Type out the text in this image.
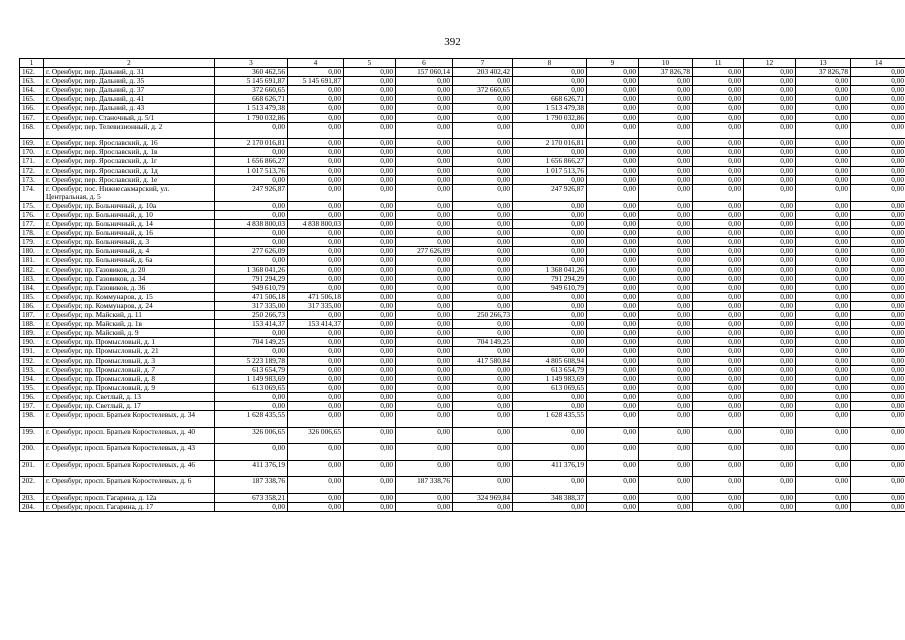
392
1	2	3	4	5	6	7	8	9	10	11	12	13	14
162.	г. Оренбург, пер. Дальний, д. 31	360 462,56	0,00	0,00	157 060,14	203 402,42	0,00	0,00	37 826,78	0,00	0,00	37 826,78	0,00
163.	г. Оренбург, пер. Дальний, д. 35	5 145 691,87	5 145 691,87	0,00	0,00	0,00	0,00	0,00	0,00	0,00	0,00	0,00	0,00
164.	г. Оренбург, пер. Дальний, д. 37	372 660,65	0,00	0,00	0,00	372 660,65	0,00	0,00	0,00	0,00	0,00	0,00	0,00
165.	г. Оренбург, пер. Дальний, д. 41	668 626,71	0,00	0,00	0,00	0,00	668 626,71	0,00	0,00	0,00	0,00	0,00	0,00
166.	г. Оренбург, пер. Дальний, д. 43	1 513 479,38	0,00	0,00	0,00	0,00	1 513 479,38	0,00	0,00	0,00	0,00	0,00	0,00
167.	г. Оренбург, пер. Станочный, д. 5/1	1 790 032,86	0,00	0,00	0,00	0,00	1 790 032,86	0,00	0,00	0,00	0,00	0,00	0,00
168.	г. Оренбург, пер. Телевизионный, д. 2	0,00	0,00	0,00	0,00	0,00	0,00	0,00	0,00	0,00	0,00	0,00	0,00
169.	г. Оренбург, пер. Ярославский, д. 16	2 170 016,81	0,00	0,00	0,00	0,00	2 170 016,81	0,00	0,00	0,00	0,00	0,00	0,00
170.	г. Оренбург, пер. Ярославский, д. 1в	0,00	0,00	0,00	0,00	0,00	0,00	0,00	0,00	0,00	0,00	0,00	0,00
171.	г. Оренбург, пер. Ярославский, д. 1г	1 656 866,27	0,00	0,00	0,00	0,00	1 656 866,27	0,00	0,00	0,00	0,00	0,00	0,00
172.	г. Оренбург, пер. Ярославский, д. 1д	1 017 513,76	0,00	0,00	0,00	0,00	1 017 513,76	0,00	0,00	0,00	0,00	0,00	0,00
173.	г. Оренбург, пер. Ярославский, д. 1е	0,00	0,00	0,00	0,00	0,00	0,00	0,00	0,00	0,00	0,00	0,00	0,00
174.	г. Оренбург, пос. Нижнесакмарский, ул. Центральная, д. 5	247 926,87	0,00	0,00	0,00	0,00	247 926,87	0,00	0,00	0,00	0,00	0,00	0,00
175.	г. Оренбург, пр. Больничный, д. 10а	0,00	0,00	0,00	0,00	0,00	0,00	0,00	0,00	0,00	0,00	0,00	0,00
176.	г. Оренбург, пр. Больничный, д. 10	0,00	0,00	0,00	0,00	0,00	0,00	0,00	0,00	0,00	0,00	0,00	0,00
177.	г. Оренбург, пр. Больничный, д. 14	4 838 800,03	4 838 800,03	0,00	0,00	0,00	0,00	0,00	0,00	0,00	0,00	0,00	0,00
178.	г. Оренбург, пр. Больничный, д. 16	0,00	0,00	0,00	0,00	0,00	0,00	0,00	0,00	0,00	0,00	0,00	0,00
179.	г. Оренбург, пр. Больничный, д. 3	0,00	0,00	0,00	0,00	0,00	0,00	0,00	0,00	0,00	0,00	0,00	0,00
180.	г. Оренбург, пр. Больничный, д. 4	277 626,09	0,00	0,00	277 626,09	0,00	0,00	0,00	0,00	0,00	0,00	0,00	0,00
181.	г. Оренбург, пр. Больничный, д. 6а	0,00	0,00	0,00	0,00	0,00	0,00	0,00	0,00	0,00	0,00	0,00	0,00
182.	г. Оренбург, пр. Газовиков, д. 20	1 368 041,26	0,00	0,00	0,00	0,00	1 368 041,26	0,00	0,00	0,00	0,00	0,00	0,00
183.	г. Оренбург, пр. Газовиков, д. 34	791 294,29	0,00	0,00	0,00	0,00	791 294,29	0,00	0,00	0,00	0,00	0,00	0,00
184.	г. Оренбург, пр. Газовиков, д. 36	949 610,79	0,00	0,00	0,00	0,00	949 610,79	0,00	0,00	0,00	0,00	0,00	0,00
185.	г. Оренбург, пр. Коммунаров, д. 15	471 506,18	471 506,18	0,00	0,00	0,00	0,00	0,00	0,00	0,00	0,00	0,00	0,00
186.	г. Оренбург, пр. Коммунаров, д. 24	317 335,00	317 335,00	0,00	0,00	0,00	0,00	0,00	0,00	0,00	0,00	0,00	0,00
187.	г. Оренбург, пр. Майский, д. 11	250 266,73	0,00	0,00	0,00	250 266,73	0,00	0,00	0,00	0,00	0,00	0,00	0,00
188.	г. Оренбург, пр. Майский, д. 1в	153 414,37	153 414,37	0,00	0,00	0,00	0,00	0,00	0,00	0,00	0,00	0,00	0,00
189.	г. Оренбург, пр. Майский, д. 9	0,00	0,00	0,00	0,00	0,00	0,00	0,00	0,00	0,00	0,00	0,00	0,00
190.	г. Оренбург, пр. Промысловый, д. 1	704 149,25	0,00	0,00	0,00	704 149,25	0,00	0,00	0,00	0,00	0,00	0,00	0,00
191.	г. Оренбург, пр. Промысловый, д. 21	0,00	0,00	0,00	0,00	0,00	0,00	0,00	0,00	0,00	0,00	0,00	0,00
192.	г. Оренбург, пр. Промысловый, д. 3	5 223 189,78	0,00	0,00	0,00	417 580,84	4 805 608,94	0,00	0,00	0,00	0,00	0,00	0,00
193.	г. Оренбург, пр. Промысловый, д. 7	613 654,79	0,00	0,00	0,00	0,00	613 654,79	0,00	0,00	0,00	0,00	0,00	0,00
194.	г. Оренбург, пр. Промысловый, д. 8	1 149 983,69	0,00	0,00	0,00	0,00	1 149 983,69	0,00	0,00	0,00	0,00	0,00	0,00
195.	г. Оренбург, пр. Промысловый, д. 9	613 069,65	0,00	0,00	0,00	0,00	613 069,65	0,00	0,00	0,00	0,00	0,00	0,00
196.	г. Оренбург, пр. Светлый, д. 13	0,00	0,00	0,00	0,00	0,00	0,00	0,00	0,00	0,00	0,00	0,00	0,00
197.	г. Оренбург, пр. Светлый, д. 17	0,00	0,00	0,00	0,00	0,00	0,00	0,00	0,00	0,00	0,00	0,00	0,00
198.	г. Оренбург, просп. Братьев Коростелевых, д. 34	1 628 435,55	0,00	0,00	0,00	0,00	1 628 435,55	0,00	0,00	0,00	0,00	0,00	0,00
199.	г. Оренбург, просп. Братьев Коростелевых, д. 40	326 006,65	326 006,65	0,00	0,00	0,00	0,00	0,00	0,00	0,00	0,00	0,00	0,00
200.	г. Оренбург, просп. Братьев Коростелевых, д. 43	0,00	0,00	0,00	0,00	0,00	0,00	0,00	0,00	0,00	0,00	0,00	0,00
201.	г. Оренбург, просп. Братьев Коростелевых, д. 46	411 376,19	0,00	0,00	0,00	0,00	411 376,19	0,00	0,00	0,00	0,00	0,00	0,00
202.	г. Оренбург, просп. Братьев Коростелевых, д. 6	187 338,76	0,00	0,00	187 338,76	0,00	0,00	0,00	0,00	0,00	0,00	0,00	0,00
203.	г. Оренбург, просп. Гагарина, д. 12а	673 358,21	0,00	0,00	0,00	324 969,84	348 388,37	0,00	0,00	0,00	0,00	0,00	0,00
204.	г. Оренбург, просп. Гагарина, д. 17	0,00	0,00	0,00	0,00	0,00	0,00	0,00	0,00	0,00	0,00	0,00	0,00
